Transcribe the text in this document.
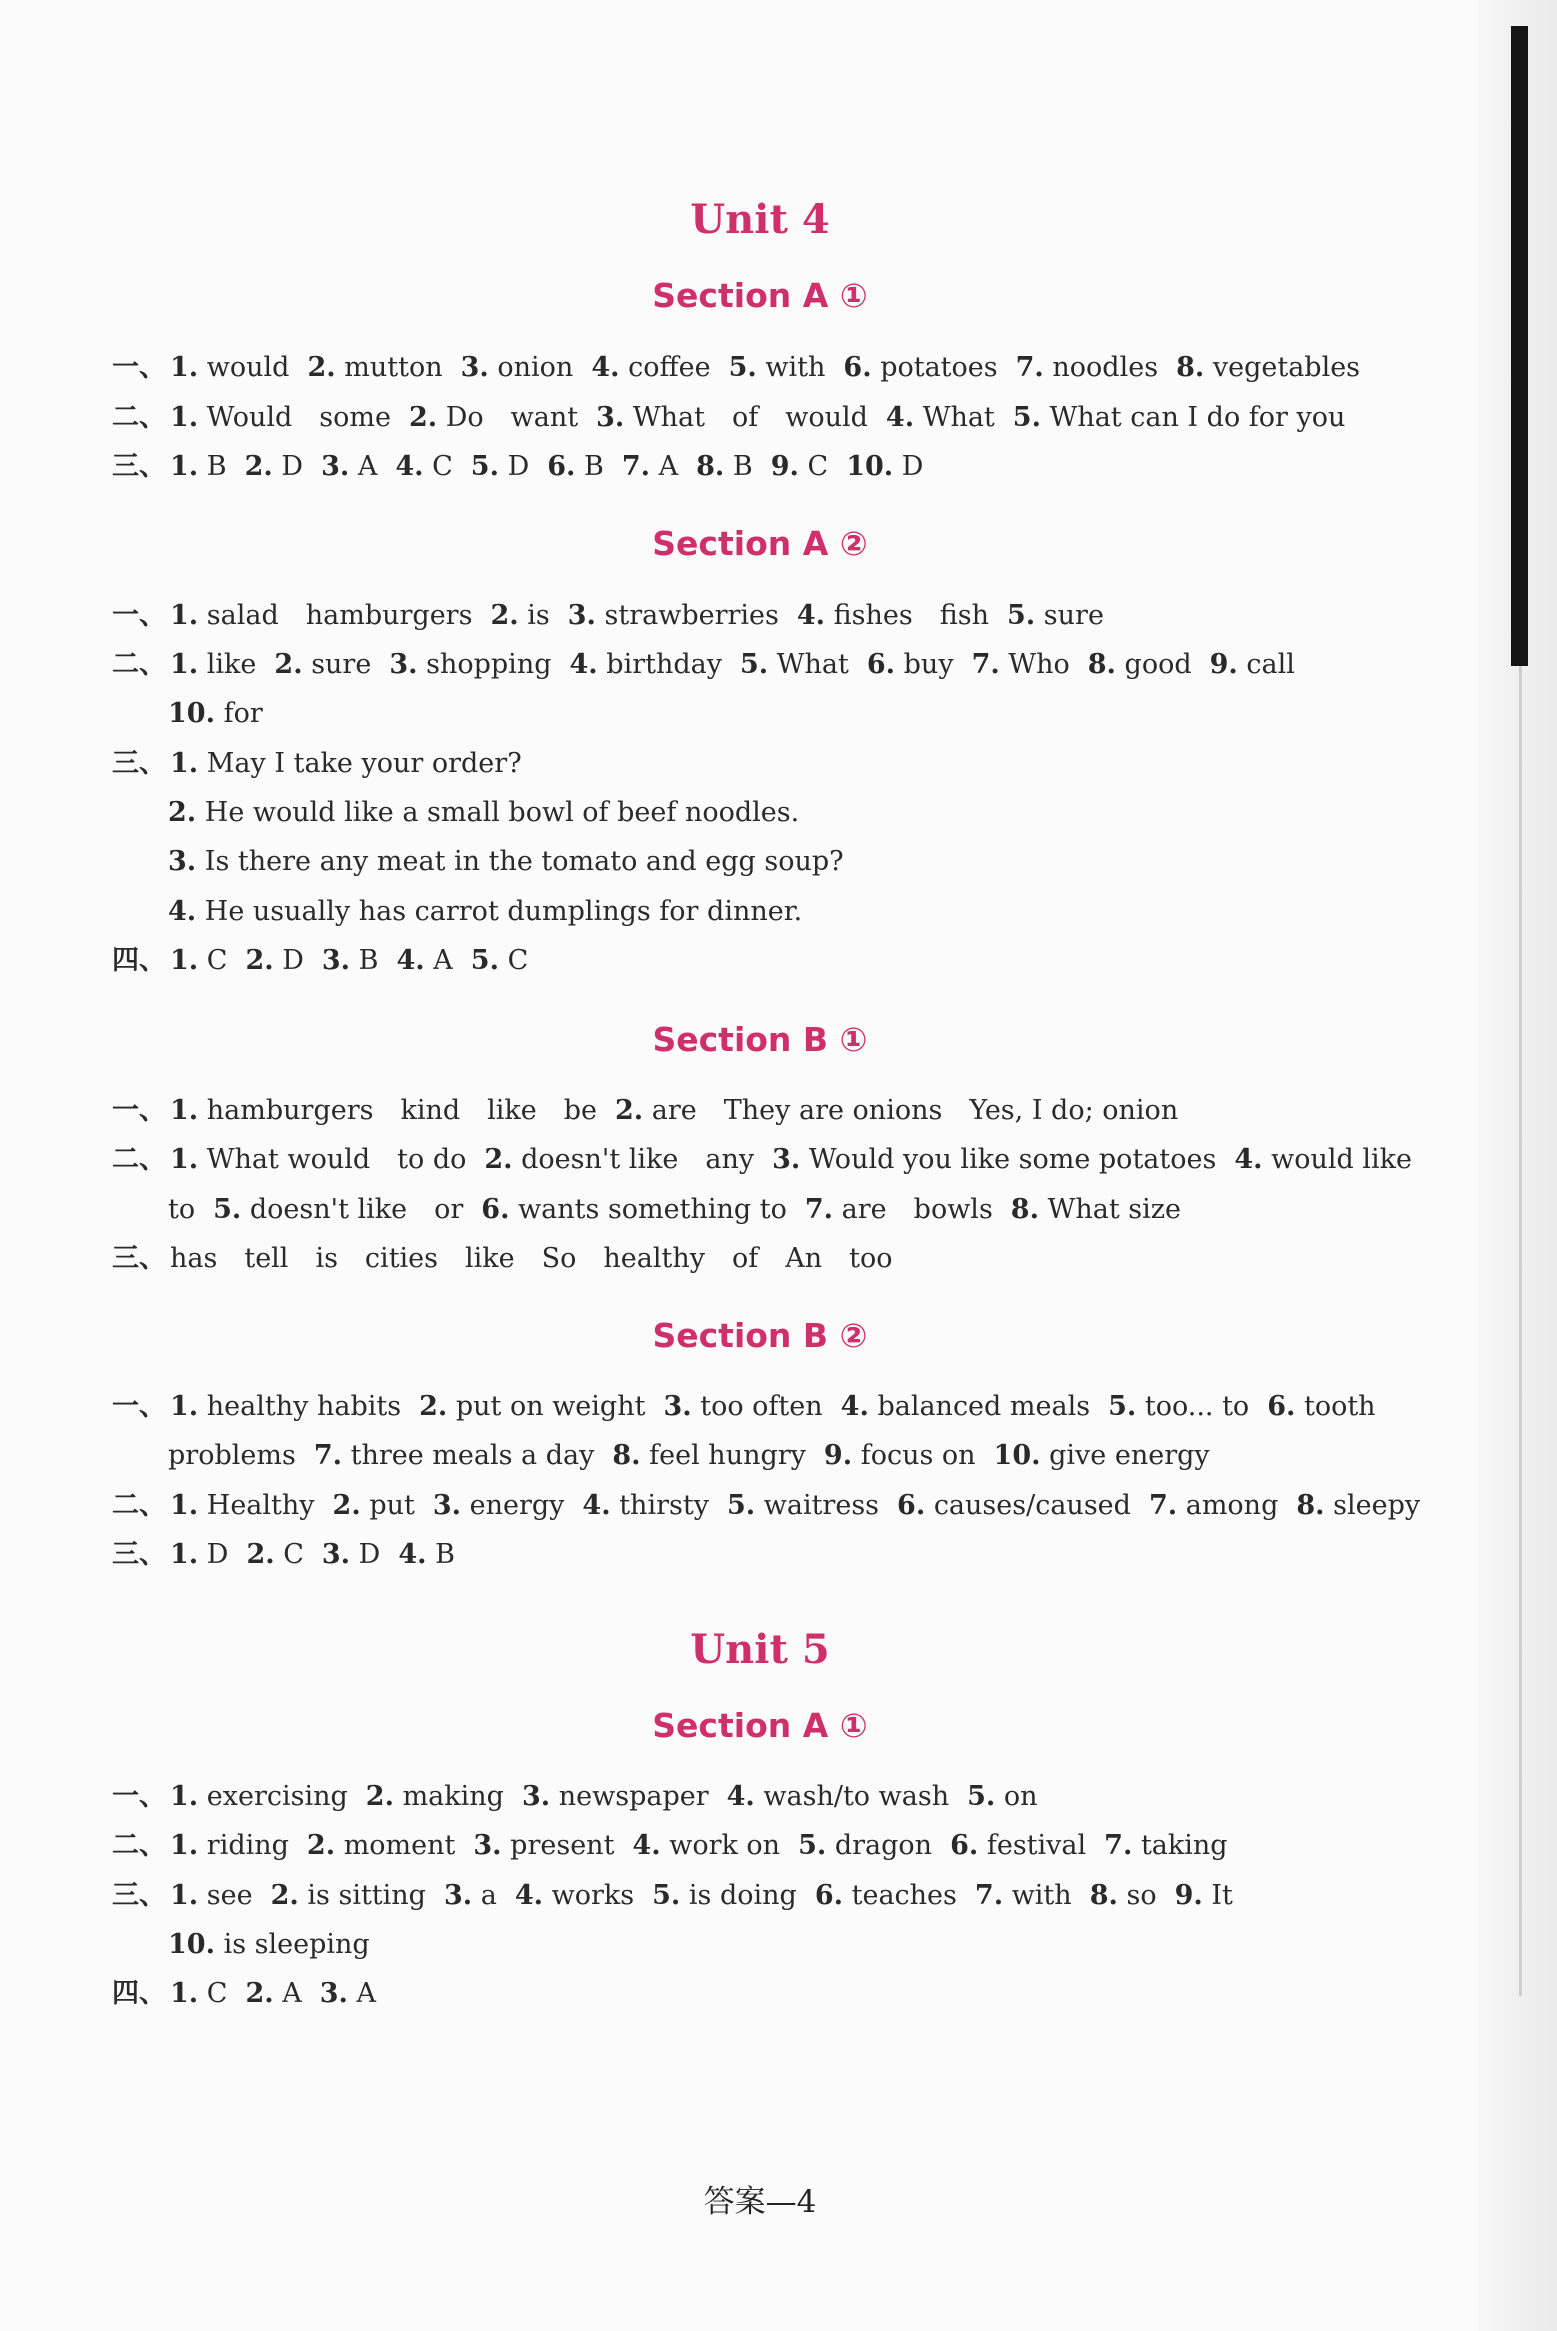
Unit 4
Section A ①
一、 1. would 2. mutton 3. onion 4. coffee 5. with 6. potatoes 7. noodles 8. vegetables
二、 1. Would　some 2. Do　want 3. What　of　would 4. What 5. What can I do for you
三、 1. B 2. D 3. A 4. C 5. D 6. B 7. A 8. B 9. C 10. D
Section A ②
一、 1. salad　hamburgers 2. is 3. strawberries 4. fishes　fish 5. sure
二、 1. like 2. sure 3. shopping 4. birthday 5. What 6. buy 7. Who 8. good 9. call
10. for
三、 1. May I take your order?
2. He would like a small bowl of beef noodles.
3. Is there any meat in the tomato and egg soup?
4. He usually has carrot dumplings for dinner.
四、 1. C 2. D 3. B 4. A 5. C
Section B ①
一、 1. hamburgers　kind　like　be 2. are　They are onions　Yes, I do; onion
二、 1. What would　to do 2. doesn't like　any 3. Would you like some potatoes 4. would like
to 5. doesn't like　or 6. wants something to 7. are　bowls 8. What size
三、 has　tell　is　cities　like　So　healthy　of　An　too
Section B ②
一、 1. healthy habits 2. put on weight 3. too often 4. balanced meals 5. too... to 6. tooth
problems 7. three meals a day 8. feel hungry 9. focus on 10. give energy
二、 1. Healthy 2. put 3. energy 4. thirsty 5. waitress 6. causes/caused 7. among 8. sleepy
三、 1. D 2. C 3. D 4. B
Unit 5
Section A ①
一、 1. exercising 2. making 3. newspaper 4. wash/to wash 5. on
二、 1. riding 2. moment 3. present 4. work on 5. dragon 6. festival 7. taking
三、 1. see 2. is sitting 3. a 4. works 5. is doing 6. teaches 7. with 8. so 9. It
10. is sleeping
四、 1. C 2. A 3. A
答案—4
